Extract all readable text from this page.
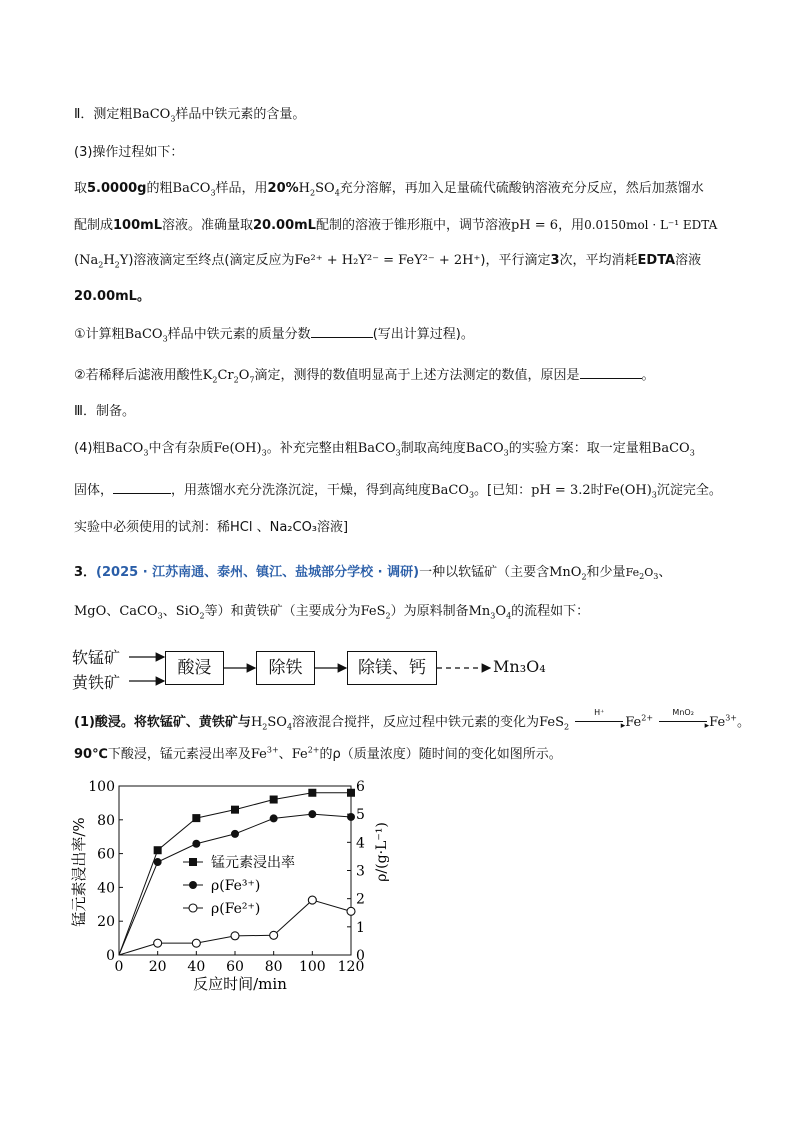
Ⅱ．测定粗BaCO$_3$样品中铁元素的含量。
(3)操作过程如下：
取5.0000g的粗BaCO$_3$样品，用$20\%H_2SO_4$充分溶解，再加入足量硫代硫酸钠溶液充分反应，然后加蒸馏水
配制成100mL溶液。准确量取20.00mL配制的溶液于锥形瓶中，调节溶液pH = 6，用0.0150mol · L⁻¹ EDTA
$(Na_2H_2Y)$溶液滴定至终点(滴定反应为Fe²⁺ + H₂Y²⁻ = FeY²⁻ + 2H⁺)，平行滴定3次，平均消耗EDTA溶液
20.00mL。
①计算粗BaCO$_3$样品中铁元素的质量分数	(写出计算过程)。
②若稀释后滤液用酸性$K_2Cr_2O_7$滴定，测得的数值明显高于上述方法测定的数值，原因是	。
Ⅲ．制备。
(4)粗BaCO$_3$中含有杂质$Fe(OH)_3$。补充完整由粗BaCO$_3$制取高纯度BaCO$_3$的实验方案：取一定量粗BaCO$_3$
固体，	，用蒸馏水充分洗涤沉淀，干燥，得到高纯度BaCO$_3$。[已知：pH = 3.2时$Fe(OH)_3$沉淀完全。
实验中必须使用的试剂：稀HCl 、Na₂CO₃溶液]
3．(2025 · 江苏南通、泰州、镇江、盐城部分学校 · 调研)一种以软锰矿（主要含MnO$_2$和少量$Fe_2O_3$、
MgO、CaCO$_3$、SiO$_2$等）和黄铁矿（主要成分为FeS$_2$）为原料制备$Mn_3O_4$的流程如下：
软锰矿
黄铁矿
酸浸	除铁	除镁、钙	Mn₃O₄
(1)酸浸。将软锰矿、黄铁矿与$H_2SO_4$溶液混合搅拌，反应过程中铁元素的变化为FeS$_2$
H⁺
▸ $Fe^{2+}$
MnO₂
▸ $Fe^{3+}$。
90℃下酸浸，锰元素浸出率及$Fe^{3+}$、$Fe^{2+}$的ρ（质量浓度）随时间的变化如图所示。
0 20 40 60 80 100 120
0
20
40
60
80
100
0
1
2
3
4
5
6
锰元素浸出率/%	ρ/(g·L⁻¹)
反应时间/min
锰元素浸出率
ρ(Fe³⁺)
ρ(Fe²⁺)
